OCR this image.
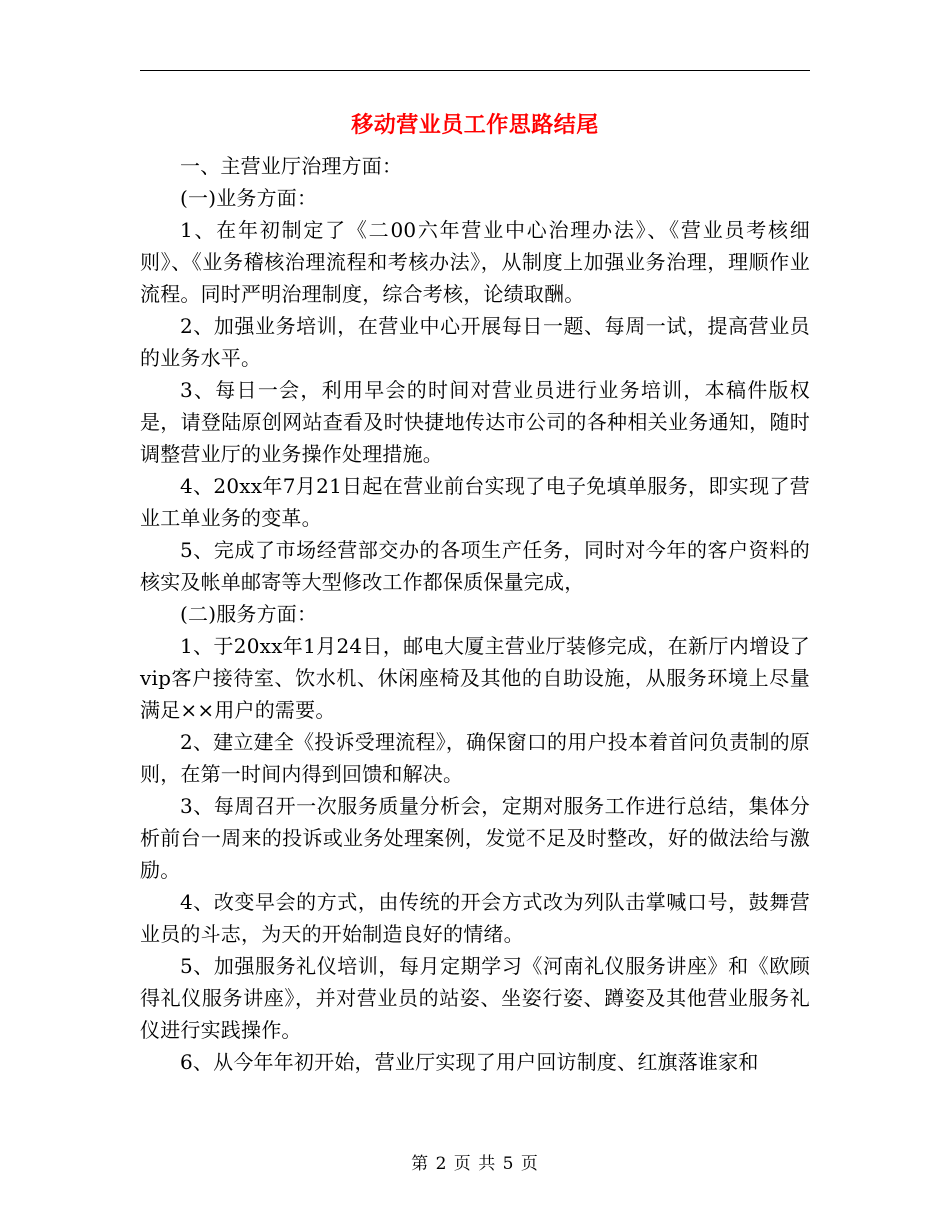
移动营业员工作思路结尾

一、主营业厅治理方面：

(一)业务方面：

1、在年初制定了《二00六年营业中心治理办法》、《营业员考核细则》、《业务稽核治理流程和考核办法》，从制度上加强业务治理，理顺作业流程。同时严明治理制度，综合考核，论绩取酬。

2、加强业务培训，在营业中心开展每日一题、每周一试，提高营业员的业务水平。

3、每日一会，利用早会的时间对营业员进行业务培训，本稿件版权是，请登陆原创网站查看及时快捷地传达市公司的各种相关业务通知，随时调整营业厅的业务操作处理措施。

4、20xx年7月21日起在营业前台实现了电子免填单服务，即实现了营业工单业务的变革。

5、完成了市场经营部交办的各项生产任务，同时对今年的客户资料的核实及帐单邮寄等大型修改工作都保质保量完成，

(二)服务方面：

1、于20xx年1月24日，邮电大厦主营业厅装修完成，在新厅内增设了vip客户接待室、饮水机、休闲座椅及其他的自助设施，从服务环境上尽量满足××用户的需要。

2、建立建全《投诉受理流程》，确保窗口的用户投本着首问负责制的原则，在第一时间内得到回馈和解决。

3、每周召开一次服务质量分析会，定期对服务工作进行总结，集体分析前台一周来的投诉或业务处理案例，发觉不足及时整改，好的做法给与激励。

4、改变早会的方式，由传统的开会方式改为列队击掌喊口号，鼓舞营业员的斗志，为天的开始制造良好的情绪。

5、加强服务礼仪培训，每月定期学习《河南礼仪服务讲座》和《欧顾得礼仪服务讲座》，并对营业员的站姿、坐姿行姿、蹲姿及其他营业服务礼仪进行实践操作。

6、从今年年初开始，营业厅实现了用户回访制度、红旗落谁家和

第 2 页 共 5 页
